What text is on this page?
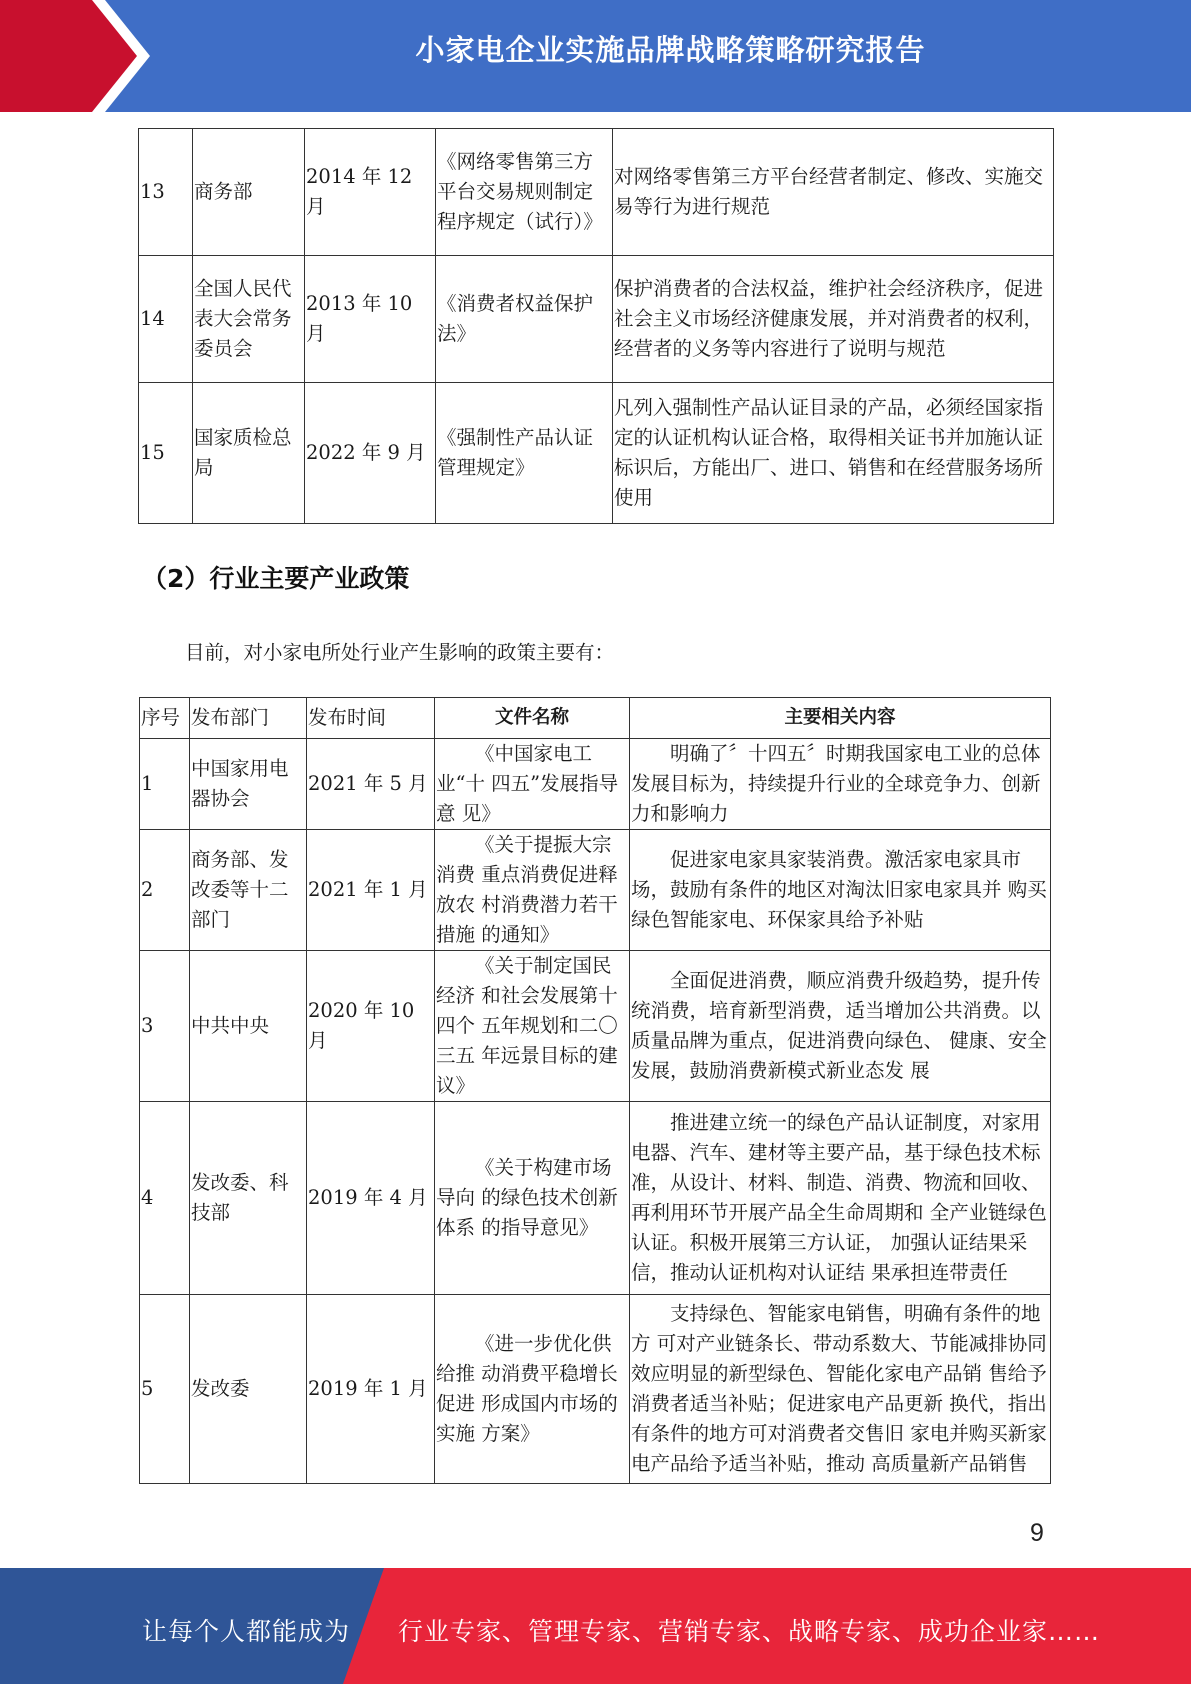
小家电企业实施品牌战略策略研究报告
13	商务部	2014 年 12 月	《网络零售第三方平台交易规则制定程序规定（试行）》	对网络零售第三方平台经营者制定、修改、实施交易等行为进行规范
14	全国人民代表大会常务委员会	2013 年 10 月	《消费者权益保护法》	保护消费者的合法权益，维护社会经济秩序，促进社会主义市场经济健康发展，并对消费者的权利，经营者的义务等内容进行了说明与规范
15	国家质检总局	2022 年 9 月	《强制性产品认证管理规定》	凡列入强制性产品认证目录的产品，必须经国家指定的认证机构认证合格，取得相关证书并加施认证标识后，方能出厂、进口、销售和在经营服务场所使用
（2）行业主要产业政策
目前，对小家电所处行业产生影响的政策主要有：
序号	发布部门	发布时间	文件名称	主要相关内容
1	中国家用电器协会	2021 年 5 月	《中国家电工业“十 四五”发展指导意 见》	明确了〞十四五〞时期我国家电工业的总体 发展目标为，持续提升行业的全球竞争力、创新力和影响力
2	商务部、发改委等十二部门	2021 年 1 月	《关于提振大宗消费 重点消费促进释放农 村消费潜力若干措施 的通知》	促进家电家具家装消费。激活家电家具市场，鼓励有条件的地区对淘汰旧家电家具并 购买绿色智能家电、环保家具给予补贴
3	中共中央	2020 年 10 月	《关于制定国民经济 和社会发展第十四个 五年规划和二〇三五 年远景目标的建议》	全面促进消费，顺应消费升级趋势，提升传 统消费，培育新型消费，适当增加公共消费。以质量品牌为重点，促进消费向绿色、 健康、安全发展，鼓励消费新模式新业态发 展
4	发改委、科技部	2019 年 4 月	《关于构建市场导向 的绿色技术创新体系 的指导意见》	推进建立统一的绿色产品认证制度，对家用 电器、汽车、建材等主要产品，基于绿色技术标准，从设计、材料、制造、消费、物流和回收、再利用环节开展产品全生命周期和 全产业链绿色认证。积极开展第三方认证， 加强认证结果采信，推动认证机构对认证结 果承担连带责任
5	发改委	2019 年 1 月	《进一步优化供给推 动消费平稳增长促进 形成国内市场的实施 方案》	支持绿色、智能家电销售，明确有条件的地方 可对产业链条长、带动系数大、节能减排协同效应明显的新型绿色、智能化家电产品销 售给予消费者适当补贴；促进家电产品更新 换代，指出有条件的地方可对消费者交售旧 家电并购买新家电产品给予适当补贴，推动 高质量新产品销售
9
让每个人都能成为 行业专家、管理专家、营销专家、战略专家、成功企业家……
